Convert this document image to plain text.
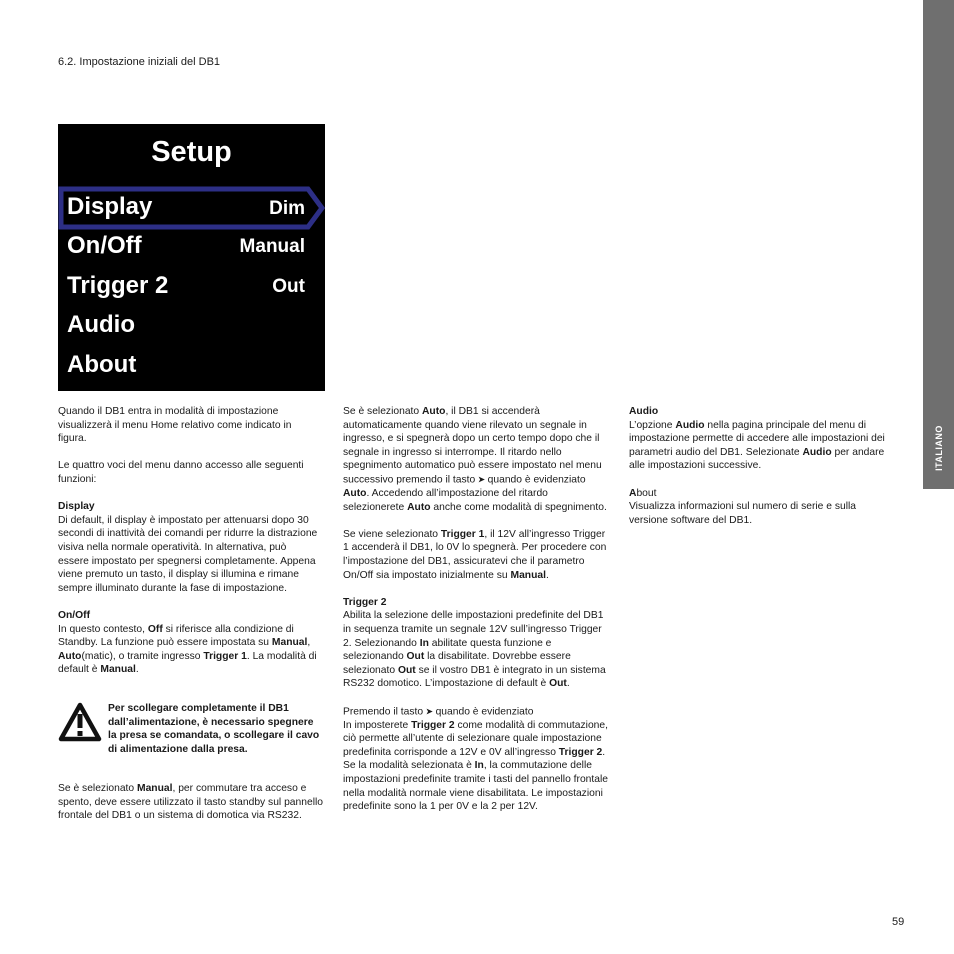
6.2. Impostazione iniziali del DB1
ITALIANO
Setup
Display	Dim
On/Off	Manual
Trigger 2	Out
Audio
About

Quando il DB1 entra in modalità di impostazione visualizzerà il menu Home relativo come indicato in figura.

Le quattro voci del menu danno accesso alle seguenti funzioni:

Display
Di default, il display è impostato per attenuarsi dopo 30 secondi di inattività dei comandi per ridurre la distrazione visiva nella normale operatività. In alternativa, può essere impostato per spegnersi completamente. Appena viene premuto un tasto, il display si illumina e rimane sempre illuminato durante la fase di impostazione.

On/Off
In questo contesto, Off si riferisce alla condizione di Standby. La funzione può essere impostata su Manual, Auto(matic), o tramite ingresso Trigger 1. La modalità di default è Manual.

Per scollegare completamente il DB1 dall’alimentazione, è necessario spegnere la presa se comandata, o scollegare il cavo di alimentazione dalla presa.

Se è selezionato Manual, per commutare tra acceso e spento, deve essere utilizzato il tasto standby sul pannello frontale del DB1 o un sistema di domotica via RS232.

Se è selezionato Auto, il DB1 si accenderà automaticamente quando viene rilevato un segnale in ingresso, e si spegnerà dopo un certo tempo dopo che il segnale in ingresso si interrompe. Il ritardo nello spegnimento automatico può essere impostato nel menu successivo premendo il tasto ➤ quando è evidenziato Auto. Accedendo all’impostazione del ritardo selezionerete Auto anche come modalità di spegnimento.

Se viene selezionato Trigger 1, il 12V all’ingresso Trigger 1 accenderà il DB1, lo 0V lo spegnerà. Per procedere con l’impostazione del DB1, assicuratevi che il parametro On/Off sia impostato inizialmente su Manual.

Trigger 2
Abilita la selezione delle impostazioni predefinite del DB1 in sequenza tramite un segnale 12V sull’ingresso Trigger 2. Selezionando In abilitate questa funzione e selezionando Out la disabilitate. Dovrebbe essere selezionato Out se il vostro DB1 è integrato in un sistema RS232 domotico. L’impostazione di default è Out.

Premendo il tasto ➤ quando è evidenziato
In imposterete Trigger 2 come modalità di commutazione, ciò permette all’utente di selezionare quale impostazione predefinita corrisponde a 12V e 0V all’ingresso Trigger 2. Se la modalità selezionata è In, la commutazione delle impostazioni predefinite tramite i tasti del pannello frontale nella modalità normale viene disabilitata. Le impostazioni predefinite sono la 1 per 0V e la 2 per 12V.

Audio
L’opzione Audio nella pagina principale del menu di impostazione permette di accedere alle impostazioni dei parametri audio del DB1. Selezionate Audio per andare alle impostazioni successive.

About
Visualizza informazioni sul numero di serie e sulla versione software del DB1.

59
